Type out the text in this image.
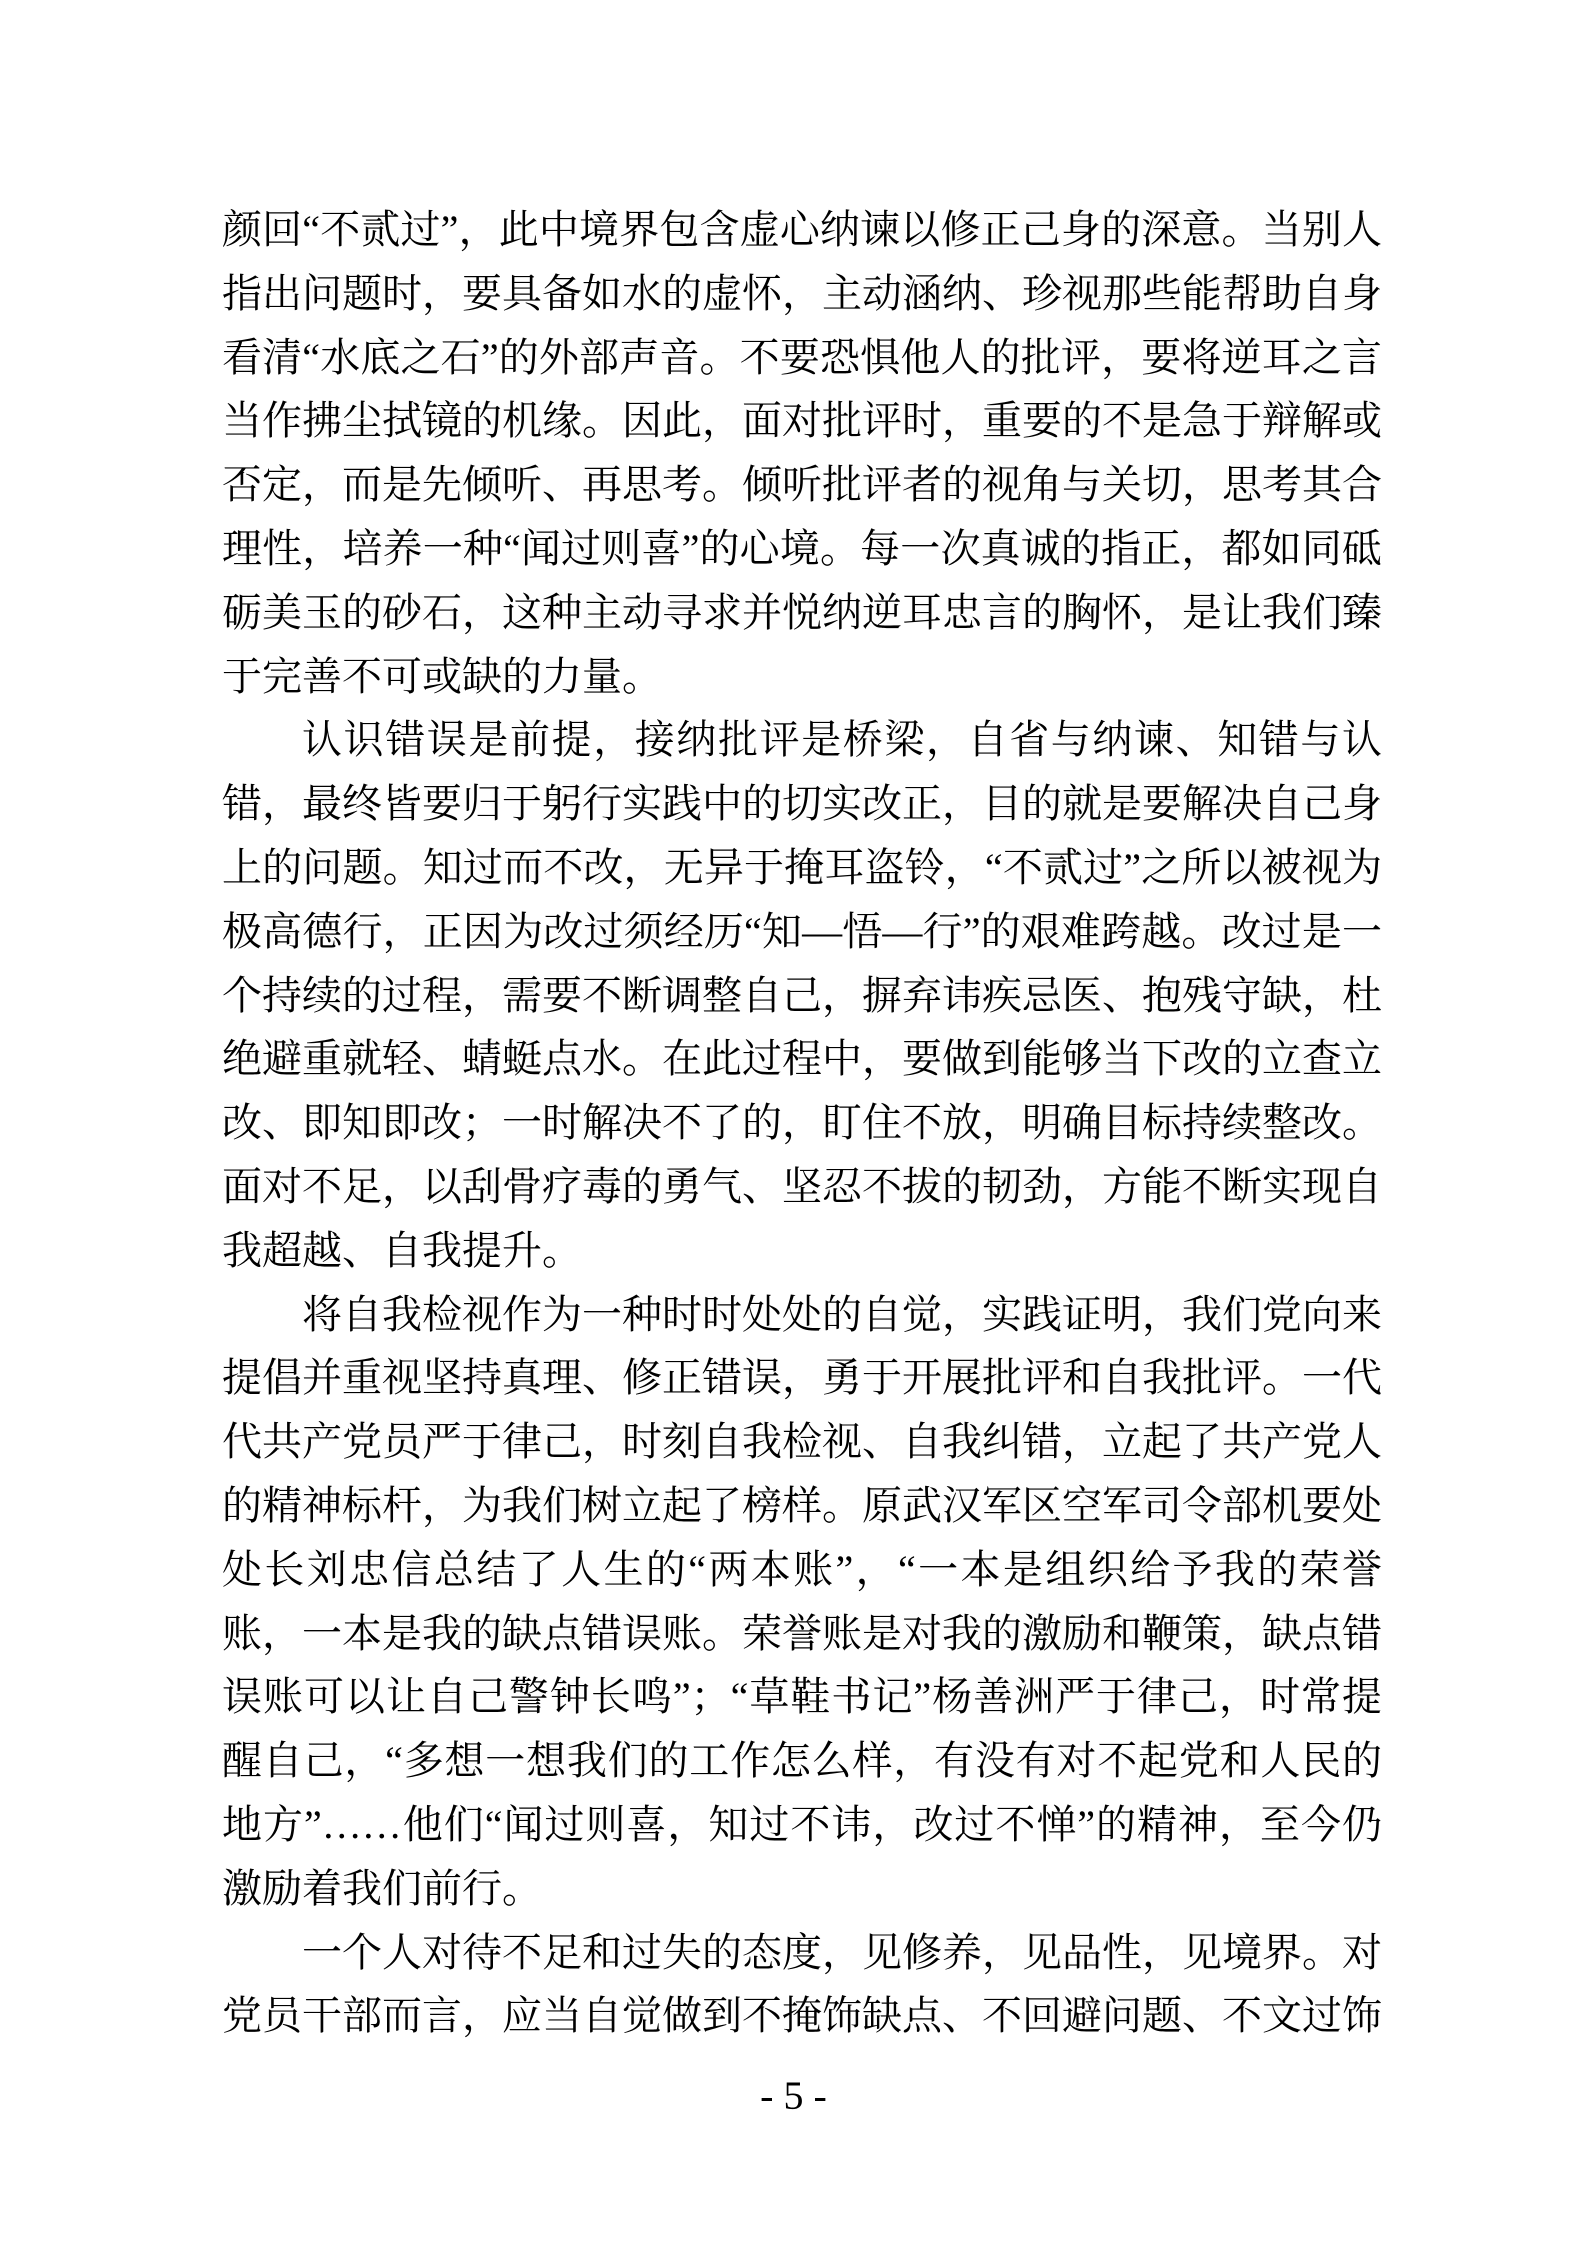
颜回“不贰过”，此中境界包含虚心纳谏以修正己身的深意。当别人指出问题时，要具备如水的虚怀，主动涵纳、珍视那些能帮助自身看清“水底之石”的外部声音。不要恐惧他人的批评，要将逆耳之言当作拂尘拭镜的机缘。因此，面对批评时，重要的不是急于辩解或否定，而是先倾听、再思考。倾听批评者的视角与关切，思考其合理性，培养一种“闻过则喜”的心境。每一次真诚的指正，都如同砥砺美玉的砂石，这种主动寻求并悦纳逆耳忠言的胸怀，是让我们臻于完善不可或缺的力量。

认识错误是前提，接纳批评是桥梁，自省与纳谏、知错与认错，最终皆要归于躬行实践中的切实改正，目的就是要解决自己身上的问题。知过而不改，无异于掩耳盗铃，“不贰过”之所以被视为极高德行，正因为改过须经历“知—悟—行”的艰难跨越。改过是一个持续的过程，需要不断调整自己，摒弃讳疾忌医、抱残守缺，杜绝避重就轻、蜻蜓点水。在此过程中，要做到能够当下改的立查立改、即知即改；一时解决不了的，盯住不放，明确目标持续整改。面对不足，以刮骨疗毒的勇气、坚忍不拔的韧劲，方能不断实现自我超越、自我提升。

将自我检视作为一种时时处处的自觉，实践证明，我们党向来提倡并重视坚持真理、修正错误，勇于开展批评和自我批评。一代代共产党员严于律己，时刻自我检视、自我纠错，立起了共产党人的精神标杆，为我们树立起了榜样。原武汉军区空军司令部机要处处长刘忠信总结了人生的“两本账”，“一本是组织给予我的荣誉账，一本是我的缺点错误账。荣誉账是对我的激励和鞭策，缺点错误账可以让自己警钟长鸣”；“草鞋书记”杨善洲严于律己，时常提醒自己，“多想一想我们的工作怎么样，有没有对不起党和人民的地方”……他们“闻过则喜，知过不讳，改过不惮”的精神，至今仍激励着我们前行。

一个人对待不足和过失的态度，见修养，见品性，见境界。对党员干部而言，应当自觉做到不掩饰缺点、不回避问题、不文过饰

- 5 -
